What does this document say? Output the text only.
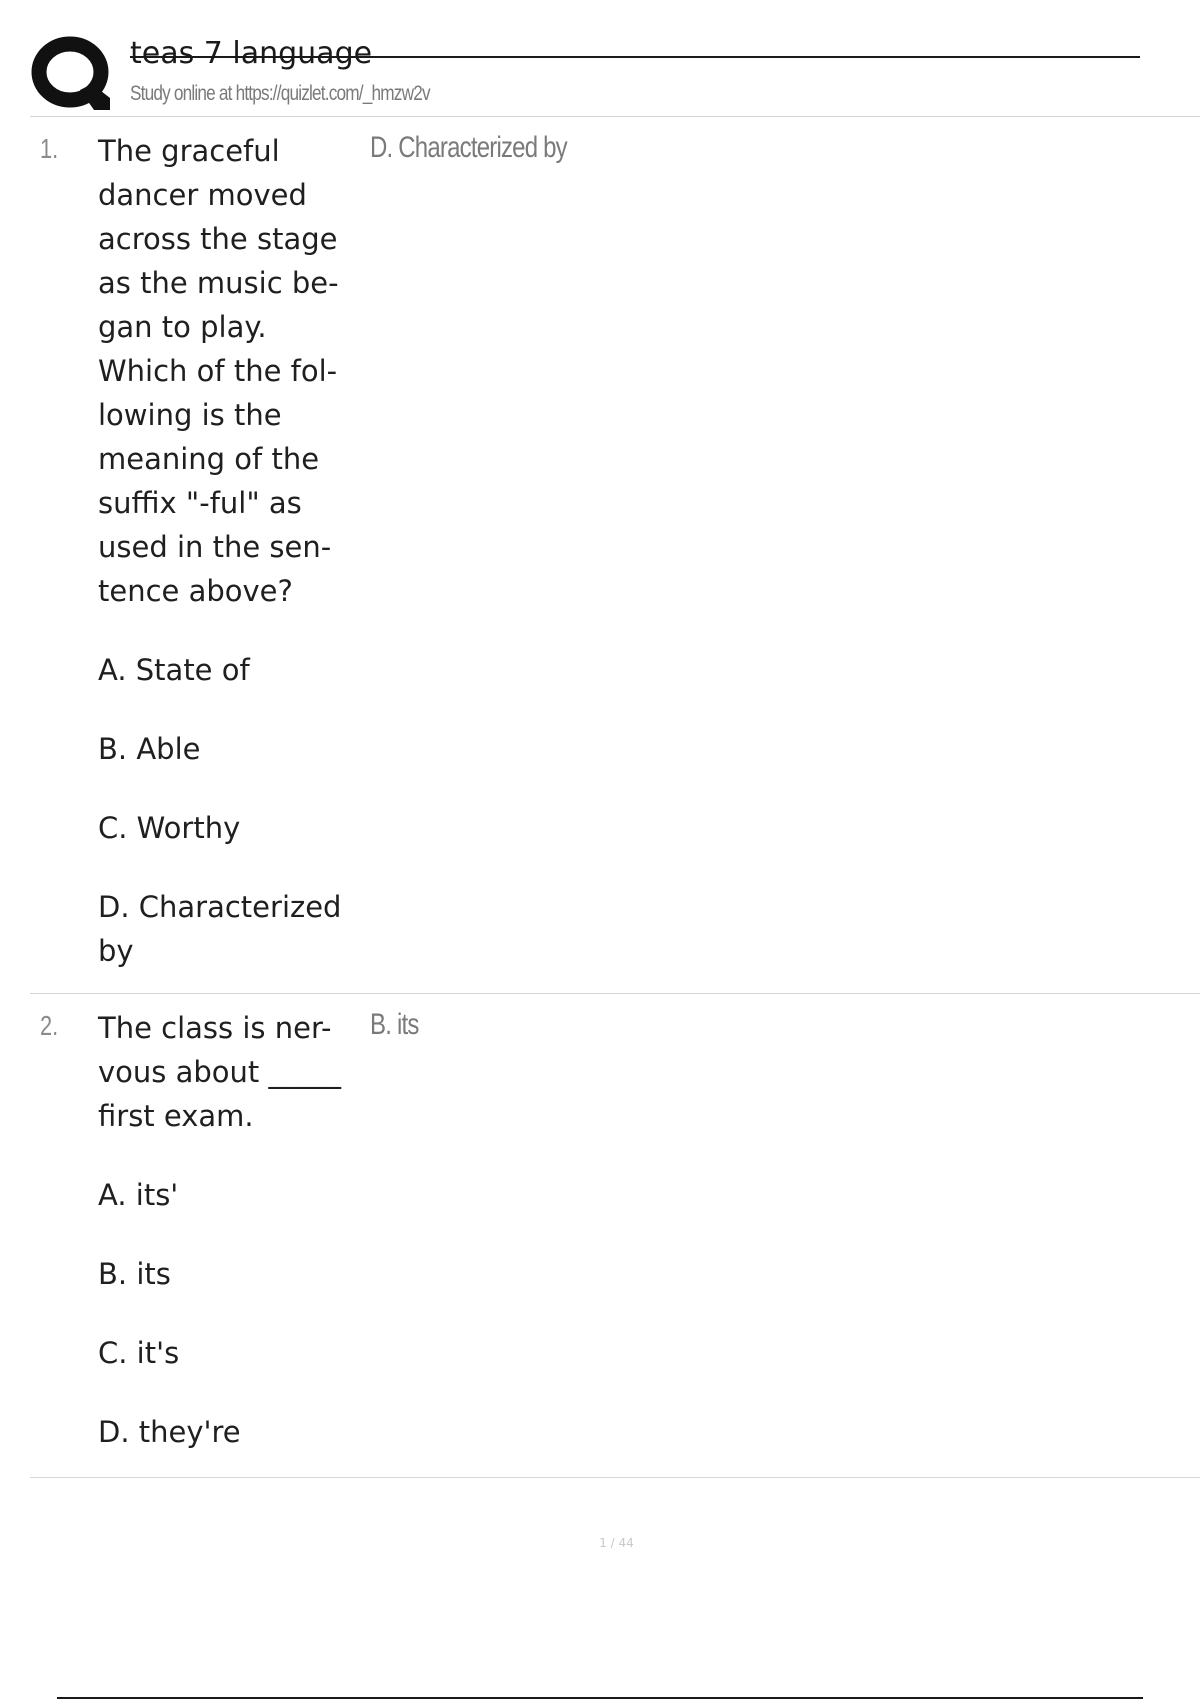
teas 7 language
Study online at https://quizlet.com/_hmzw2v
1. The graceful
dancer moved
across the stage
as the music be-
gan to play.
Which of the fol-
lowing is the
meaning of the
suffix "-ful" as
used in the sen-
tence above?

A. State of
B. Able
C. Worthy
D. Characterized
by
D. Characterized by
2. The class is ner-
vous about _____
first exam.

A. its'
B. its
C. it's
D. they're
B. its
1 / 44
